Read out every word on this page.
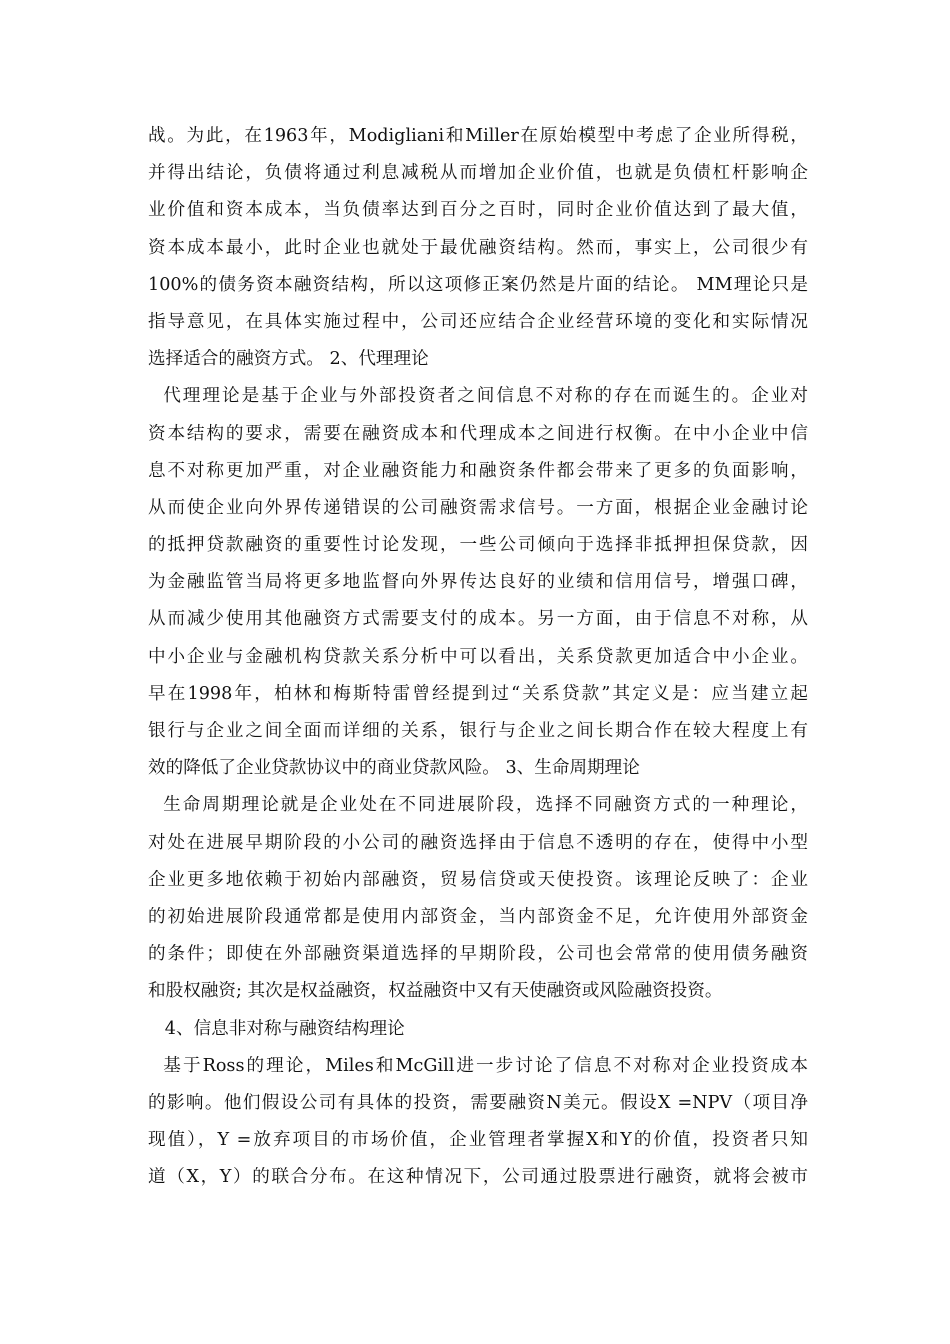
战。为此，在1963年，Modigliani和Miller在原始模型中考虑了企业所得税，
并得出结论，负债将通过利息减税从而增加企业价值，也就是负债杠杆影响企
业价值和资本成本，当负债率达到百分之百时，同时企业价值达到了最大值，
资本成本最小，此时企业也就处于最优融资结构。然而，事实上，公司很少有
100%的债务资本融资结构，所以这项修正案仍然是片面的结论。 MM理论只是
指导意见，在具体实施过程中，公司还应结合企业经营环境的变化和实际情况
选择适合的融资方式。 2、代理理论
代理理论是基于企业与外部投资者之间信息不对称的存在而诞生的。企业对
资本结构的要求，需要在融资成本和代理成本之间进行权衡。在中小企业中信
息不对称更加严重，对企业融资能力和融资条件都会带来了更多的负面影响，
从而使企业向外界传递错误的公司融资需求信号。一方面，根据企业金融讨论
的抵押贷款融资的重要性讨论发现，一些公司倾向于选择非抵押担保贷款，因
为金融监管当局将更多地监督向外界传达良好的业绩和信用信号，增强口碑，
从而减少使用其他融资方式需要支付的成本。另一方面，由于信息不对称，从
中小企业与金融机构贷款关系分析中可以看出，关系贷款更加适合中小企业。
早在1998年，柏林和梅斯特雷曾经提到过“关系贷款”其定义是：应当建立起
银行与企业之间全面而详细的关系，银行与企业之间长期合作在较大程度上有
效的降低了企业贷款协议中的商业贷款风险。 3、生命周期理论
生命周期理论就是企业处在不同进展阶段，选择不同融资方式的一种理论，
对处在进展早期阶段的小公司的融资选择由于信息不透明的存在，使得中小型
企业更多地依赖于初始内部融资，贸易信贷或天使投资。该理论反映了：企业
的初始进展阶段通常都是使用内部资金，当内部资金不足，允许使用外部资金
的条件；即使在外部融资渠道选择的早期阶段，公司也会常常的使用债务融资
和股权融资; 其次是权益融资，权益融资中又有天使融资或风险融资投资。
4、信息非对称与融资结构理论
基于Ross的理论，Miles和McGill进一步讨论了信息不对称对企业投资成本
的影响。他们假设公司有具体的投资，需要融资N美元。假设X =NPV（项目净
现值），Y =放弃项目的市场价值，企业管理者掌握X和Y的价值，投资者只知
道（X，Y）的联合分布。在这种情况下，公司通过股票进行融资，就将会被市
